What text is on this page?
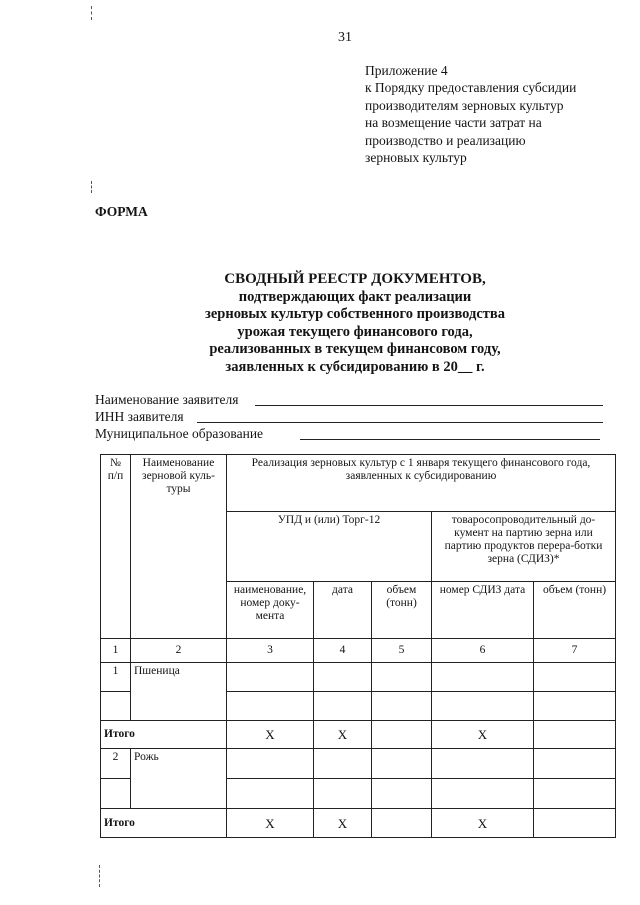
31
Приложение 4
к Порядку предоставления субсидии
производителям зерновых культур
на возмещение части затрат на
производство и реализацию
зерновых культур
ФОРМА
СВОДНЫЙ РЕЕСТР ДОКУМЕНТОВ,
подтверждающих факт реализации
зерновых культур собственного производства
урожая текущего финансового года,
реализованных в текущем финансовом году,
заявленных к субсидированию в 20__ г.
Наименование заявителя
ИНН заявителя
Муниципальное образование
№ п/п	Наименование зерновой куль-туры	Реализация зерновых культур с 1 января текущего финансового года, заявленных к субсидированию				
		УПД и (или) Торг-12			товаросопроводительный до-кумент на партию зерна или партию продуктов перера-ботки зерна (СДИЗ)*	
		наименование, номер доку-мента	дата	объем (тонн)	номер СДИЗ дата	объем (тонн)
1	2	3	4	5	6	7
1	Пшеница					

Итого		Х	Х		Х	
2	Рожь					

Итого		Х	Х		Х	
